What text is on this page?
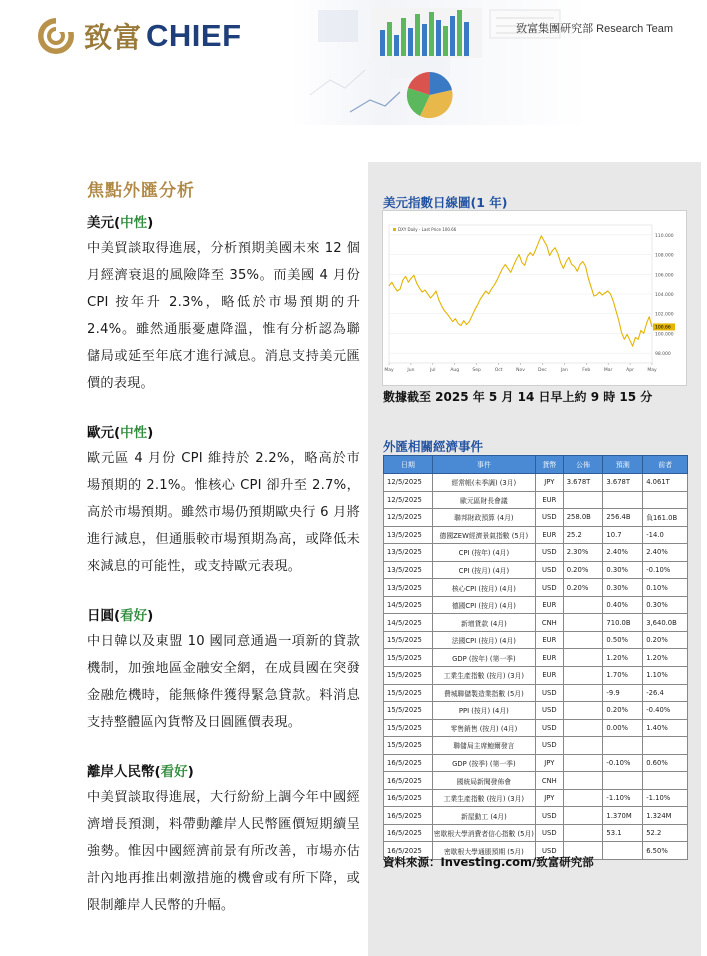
致富 CHIEF	致富集團研究部 Research Team
焦點外匯分析
美元(中性)
中美貿談取得進展，分析預期美國未來 12 個月經濟衰退的風險降至 35%。而美國 4 月份 CPI 按年升 2.3%，略低於市場預期的升 2.4%。雖然通脹憂慮降溫，惟有分析認為聯儲局或延至年底才進行減息。消息支持美元匯價的表現。
歐元(中性)
歐元區 4 月份 CPI 維持於 2.2%，略高於市場預期的 2.1%。惟核心 CPI 卻升至 2.7%，高於市場預期。雖然市場仍預期歐央行 6 月將進行減息，但通脹較市場預期為高，或降低未來減息的可能性，或支持歐元表現。
日圓(看好)
中日韓以及東盟 10 國同意通過一項新的貸款機制，加強地區金融安全網，在成員國在突發金融危機時，能無條件獲得緊急貸款。料消息支持整體區內貨幣及日圓匯價表現。
離岸人民幣(看好)
中美貿談取得進展，大行紛紛上調今年中國經濟增長預測，料帶動離岸人民幣匯價短期續呈強勢。惟因中國經濟前景有所改善，市場亦估計內地再推出刺激措施的機會或有所下降，或限制離岸人民幣的升幅。
美元指數日線圖(1 年)
110.000
108.000
106.000
104.000
102.000
100.000
98.000
May	Jun	Jul	Aug	Sep	Oct	Nov	Dec	Jan	Feb	Mar	Apr	May
DXY Daily - Last Price 100.66
100.66
數據截至 2025 年 5 月 14 日早上約 9 時 15 分
外匯相關經濟事件
日期	事件	貨幣	公佈	預測	前者
12/5/2025	經常帳(未季調) (3月)	JPY	3.678T	3.678T	4.061T
12/5/2025	歐元區財長會議	EUR			
12/5/2025	聯邦財政預算 (4月)	USD	258.0B	256.4B	負161.0B
13/5/2025	德國ZEW經濟景氣指數 (5月)	EUR	25.2	10.7	-14.0
13/5/2025	CPI (按年) (4月)	USD	2.30%	2.40%	2.40%
13/5/2025	CPI (按月) (4月)	USD	0.20%	0.30%	-0.10%
13/5/2025	核心CPI (按月) (4月)	USD	0.20%	0.30%	0.10%
14/5/2025	德國CPI (按月) (4月)	EUR		0.40%	0.30%
14/5/2025	新增貸款 (4月)	CNH		710.0B	3,640.0B
15/5/2025	法國CPI (按月) (4月)	EUR		0.50%	0.20%
15/5/2025	GDP (按年) (第一季)	EUR		1.20%	1.20%
15/5/2025	工業生產指數 (按月) (3月)	EUR		1.70%	1.10%
15/5/2025	費城聯儲製造業指數 (5月)	USD		-9.9	-26.4
15/5/2025	PPI (按月) (4月)	USD		0.20%	-0.40%
15/5/2025	零售銷售 (按月) (4月)	USD		0.00%	1.40%
15/5/2025	聯儲局主席鮑爾發言	USD			
16/5/2025	GDP (按季) (第一季)	JPY		-0.10%	0.60%
16/5/2025	國統局新聞發佈會	CNH			
16/5/2025	工業生產指數 (按月) (3月)	JPY		-1.10%	-1.10%
16/5/2025	新屋動工 (4月)	USD		1.370M	1.324M
16/5/2025	密歇根大學消費者信心指數 (5月)	USD		53.1	52.2
16/5/2025	密歇根大學通脹預期 (5月)	USD			6.50%
資料來源：Investing.com/致富研究部
